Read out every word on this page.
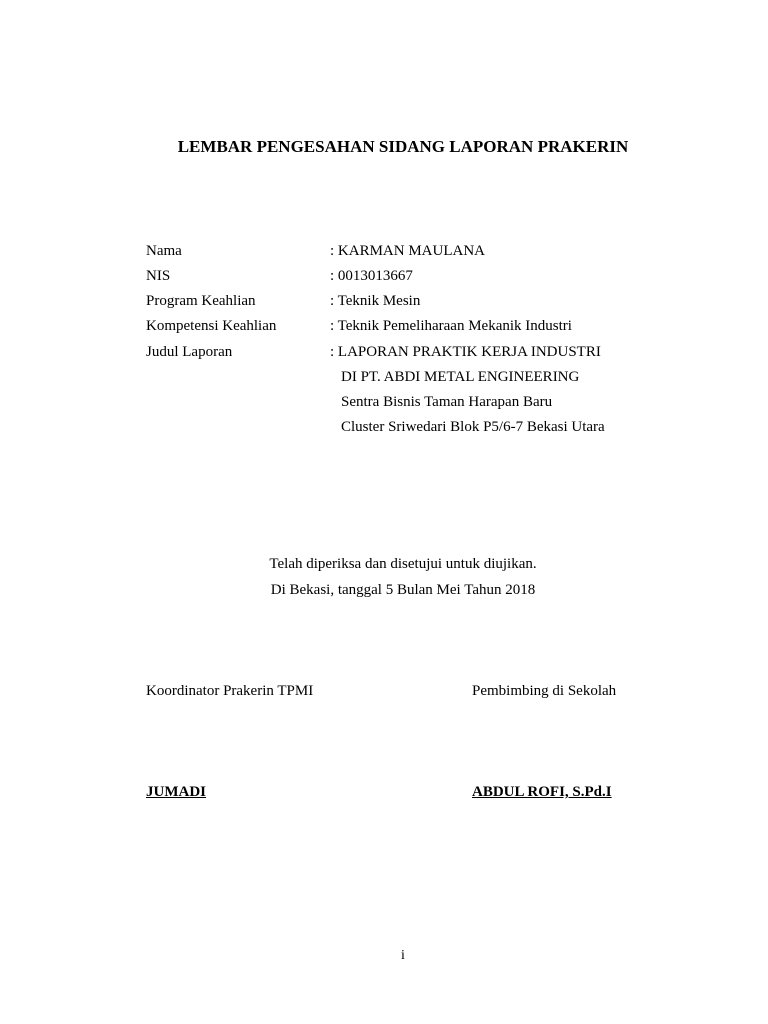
LEMBAR PENGESAHAN SIDANG LAPORAN PRAKERIN
Nama	: KARMAN MAULANA
NIS	: 0013013667
Program Keahlian	: Teknik Mesin
Kompetensi Keahlian	: Teknik Pemeliharaan Mekanik Industri
Judul Laporan	: LAPORAN PRAKTIK KERJA INDUSTRI
DI PT. ABDI METAL ENGINEERING
Sentra Bisnis Taman Harapan Baru
Cluster Sriwedari Blok P5/6-7 Bekasi Utara
Telah diperiksa dan disetujui untuk diujikan.
Di Bekasi, tanggal 5 Bulan Mei Tahun 2018
Koordinator Prakerin TPMI	Pembimbing di Sekolah
JUMADI	ABDUL ROFI, S.Pd.I
i
